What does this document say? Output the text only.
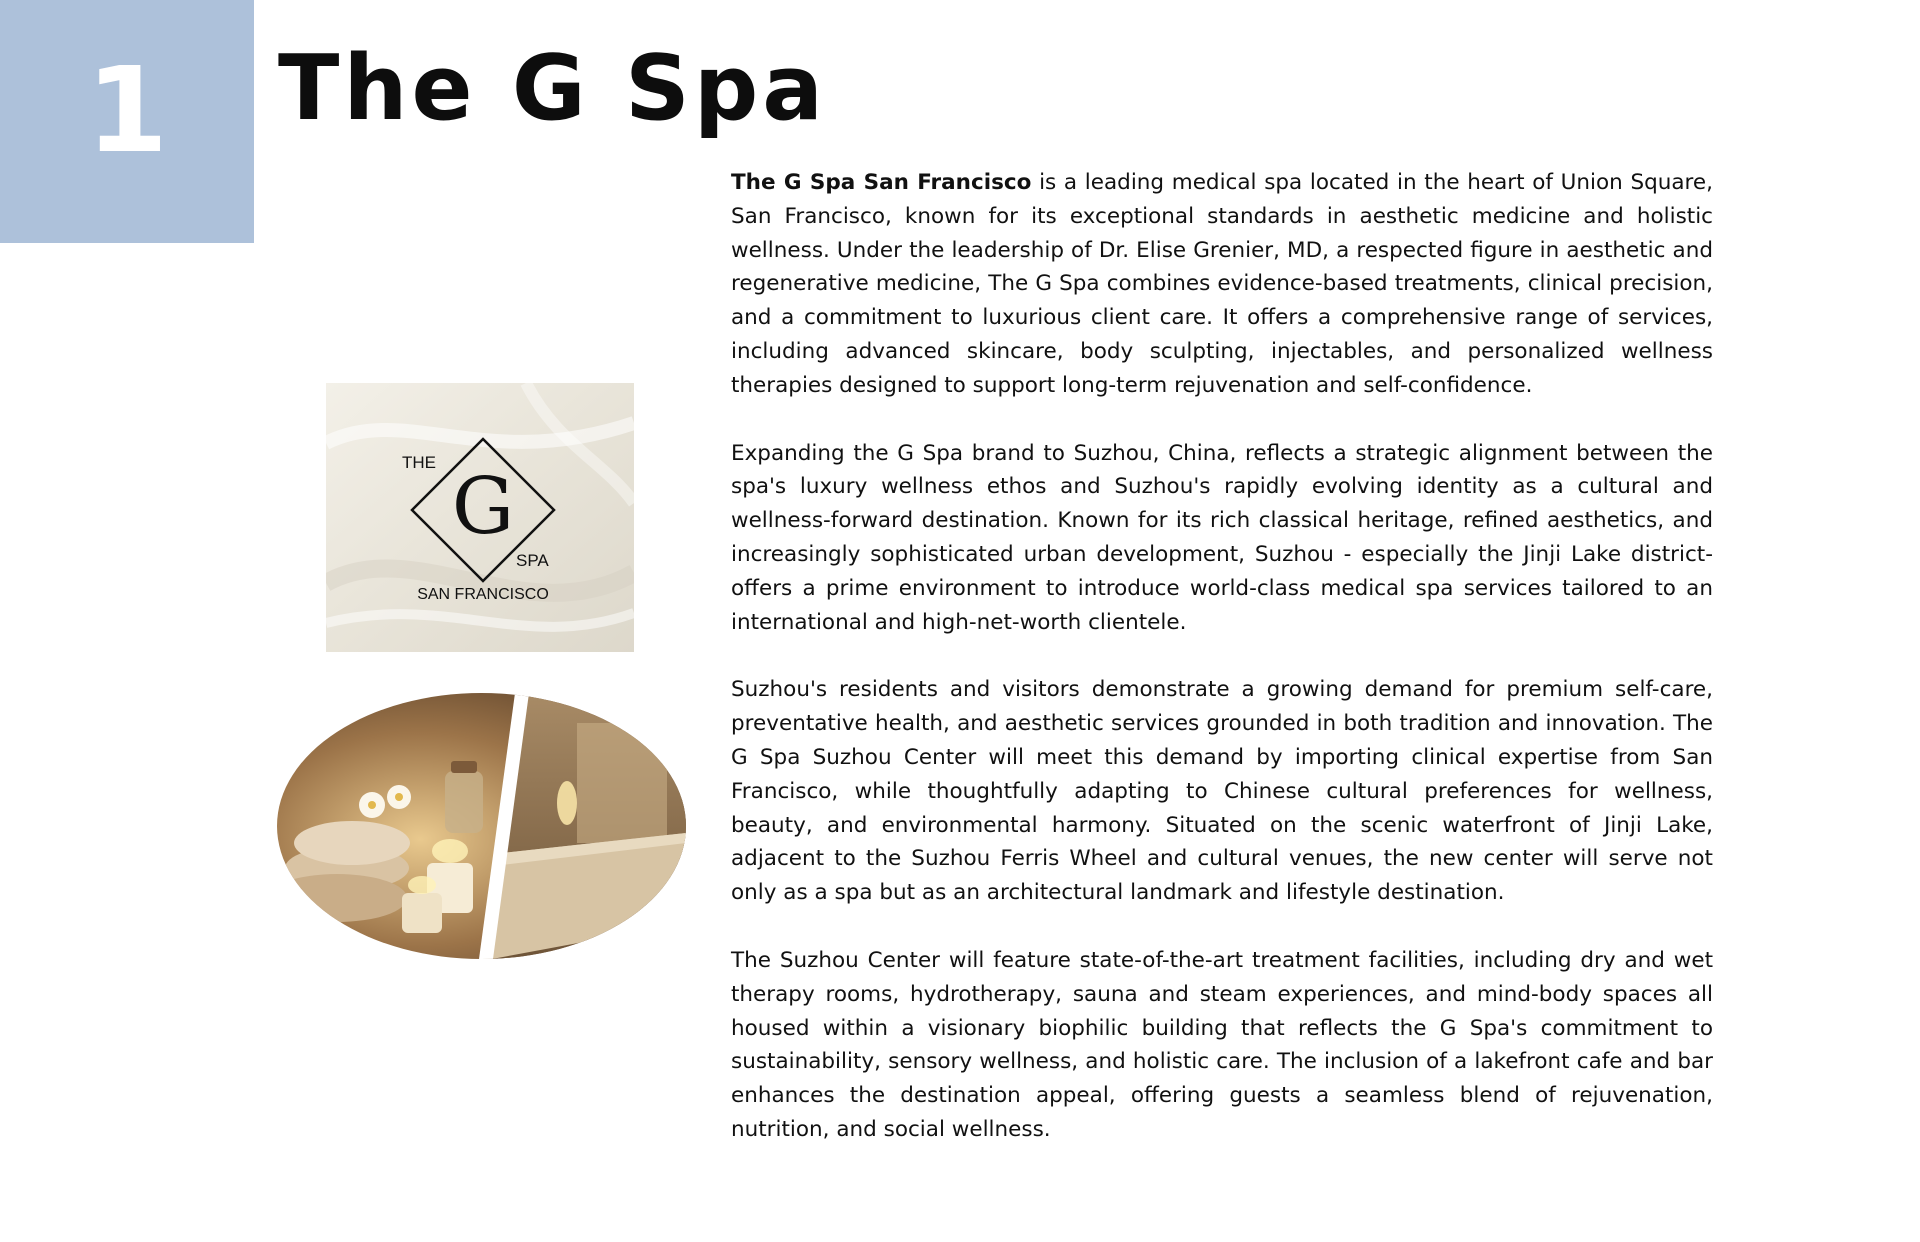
1	The G Spa
G
THE
SPA
SAN FRANCISCO

The G Spa San Francisco is a leading medical spa located in the heart of Union Square, San Francisco, known for its exceptional standards in aesthetic medicine and holistic wellness. Under the leadership of Dr. Elise Grenier, MD, a respected figure in aesthetic and regenerative medicine, The G Spa combines evidence-based treatments, clinical precision, and a commitment to luxurious client care. It offers a comprehensive range of services, including advanced skincare, body sculpting, injectables, and personalized wellness therapies designed to support long-term rejuvenation and self-confidence.

Expanding the G Spa brand to Suzhou, China, reflects a strategic alignment between the spa's luxury wellness ethos and Suzhou's rapidly evolving identity as a cultural and wellness-forward destination. Known for its rich classical heritage, refined aesthetics, and increasingly sophisticated urban development, Suzhou - especially the Jinji Lake district-offers a prime environment to introduce world-class medical spa services tailored to an international and high-net-worth clientele.

Suzhou's residents and visitors demonstrate a growing demand for premium self-care, preventative health, and aesthetic services grounded in both tradition and innovation. The G Spa Suzhou Center will meet this demand by importing clinical expertise from San Francisco, while thoughtfully adapting to Chinese cultural preferences for wellness, beauty, and environmental harmony. Situated on the scenic waterfront of Jinji Lake, adjacent to the Suzhou Ferris Wheel and cultural venues, the new center will serve not only as a spa but as an architectural landmark and lifestyle destination.

The Suzhou Center will feature state-of-the-art treatment facilities, including dry and wet therapy rooms, hydrotherapy, sauna and steam experiences, and mind-body spaces all housed within a visionary biophilic building that reflects the G Spa's commitment to sustainability, sensory wellness, and holistic care. The inclusion of a lakefront cafe and bar enhances the destination appeal, offering guests a seamless blend of rejuvenation, nutrition, and social wellness.
